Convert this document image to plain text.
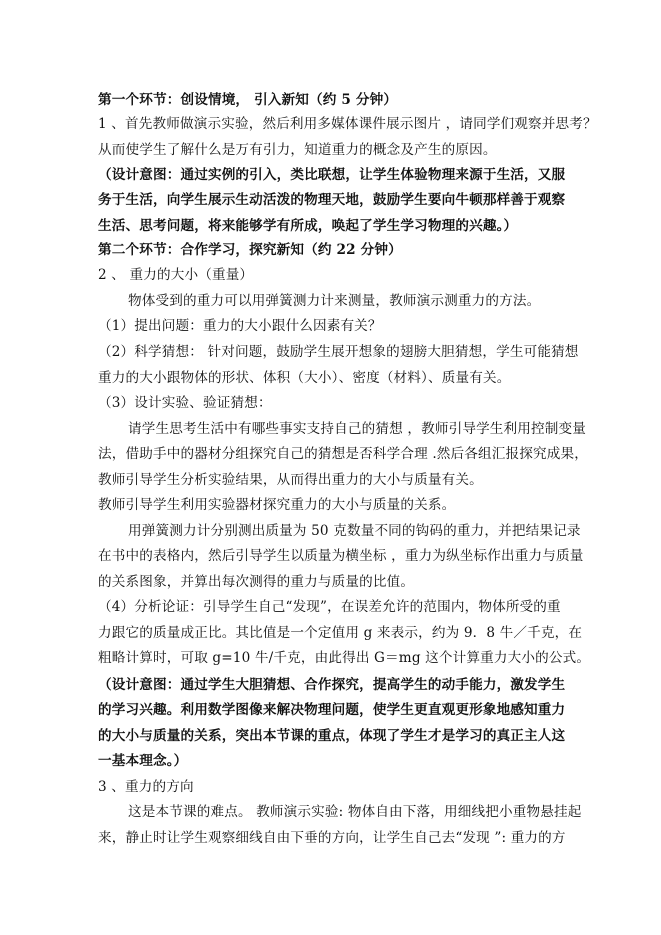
第一个环节：创设情境， 引入新知（约 5 分钟）
1 、首先教师做演示实验，然后利用多媒体课件展示图片 ，请同学们观察并思考？
从而使学生了解什么是万有引力，知道重力的概念及产生的原因。
（设计意图：通过实例的引入，类比联想，让学生体验物理来源于生活，又服
务于生活，向学生展示生动活泼的物理天地，鼓励学生要向牛顿那样善于观察
生活、思考问题，将来能够学有所成，唤起了学生学习物理的兴趣。）
第二个环节：合作学习，探究新知（约 22 分钟）
2 、 重力的大小（重量）
物体受到的重力可以用弹簧测力计来测量，教师演示测重力的方法。
（1）提出问题：重力的大小跟什么因素有关？
（2）科学猜想： 针对问题，鼓励学生展开想象的翅膀大胆猜想，学生可能猜想
重力的大小跟物体的形状、体积（大小）、密度（材料）、质量有关。
（3）设计实验、验证猜想：
请学生思考生活中有哪些事实支持自己的猜想 ，教师引导学生利用控制变量
法，借助手中的器材分组探究自己的猜想是否科学合理 .然后各组汇报探究成果，
教师引导学生分析实验结果，从而得出重力的大小与质量有关。
教师引导学生利用实验器材探究重力的大小与质量的关系。
用弹簧测力计分别测出质量为 50 克数量不同的钩码的重力，并把结果记录
在书中的表格内，然后引导学生以质量为横坐标 ，重力为纵坐标作出重力与质量
的关系图象，并算出每次测得的重力与质量的比值。
（4）分析论证：引导学生自己“发现”，在误差允许的范围内，物体所受的重
力跟它的质量成正比。其比值是一个定值用 g 来表示，约为 9．8 牛／千克，在
粗略计算时，可取 g=10 牛/千克，由此得出 G＝mg 这个计算重力大小的公式。
（设计意图：通过学生大胆猜想、合作探究，提高学生的动手能力，激发学生
的学习兴趣。利用数学图像来解决物理问题，使学生更直观更形象地感知重力
的大小与质量的关系，突出本节课的重点，体现了学生才是学习的真正主人这
一基本理念。）
3 、重力的方向
这是本节课的难点。 教师演示实验: 物体自由下落，用细线把小重物悬挂起
来，静止时让学生观察细线自由下垂的方向，让学生自己去“发现 ”: 重力的方
